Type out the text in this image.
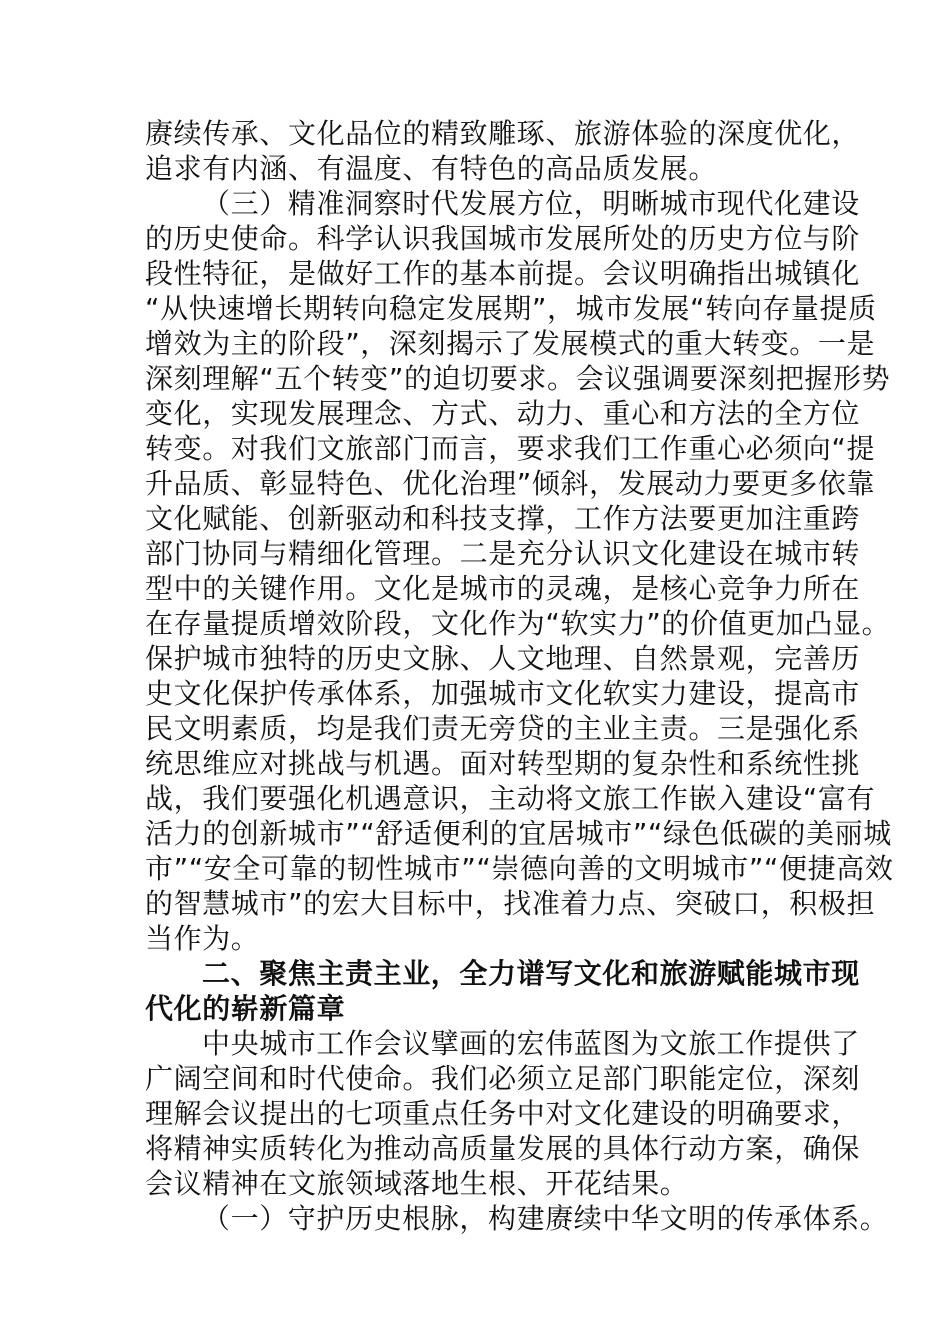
赓续传承、文化品位的精致雕琢、旅游体验的深度优化，
追求有内涵、有温度、有特色的高品质发展。
（三）精准洞察时代发展方位，明晰城市现代化建设
的历史使命。科学认识我国城市发展所处的历史方位与阶
段性特征，是做好工作的基本前提。会议明确指出城镇化
“从快速增长期转向稳定发展期”，城市发展“转向存量提质
增效为主的阶段”，深刻揭示了发展模式的重大转变。一是
深刻理解“五个转变”的迫切要求。会议强调要深刻把握形势
变化，实现发展理念、方式、动力、重心和方法的全方位
转变。对我们文旅部门而言，要求我们工作重心必须向“提
升品质、彰显特色、优化治理”倾斜，发展动力要更多依靠
文化赋能、创新驱动和科技支撑，工作方法要更加注重跨
部门协同与精细化管理。二是充分认识文化建设在城市转
型中的关键作用。文化是城市的灵魂，是核心竞争力所在
在存量提质增效阶段，文化作为“软实力”的价值更加凸显。
保护城市独特的历史文脉、人文地理、自然景观，完善历
史文化保护传承体系，加强城市文化软实力建设，提高市
民文明素质，均是我们责无旁贷的主业主责。三是强化系
统思维应对挑战与机遇。面对转型期的复杂性和系统性挑
战，我们要强化机遇意识，主动将文旅工作嵌入建设“富有
活力的创新城市”“舒适便利的宜居城市”“绿色低碳的美丽城
市”“安全可靠的韧性城市”“崇德向善的文明城市”“便捷高效
的智慧城市”的宏大目标中，找准着力点、突破口，积极担
当作为。
二、聚焦主责主业，全力谱写文化和旅游赋能城市现
代化的崭新篇章
中央城市工作会议擘画的宏伟蓝图为文旅工作提供了
广阔空间和时代使命。我们必须立足部门职能定位，深刻
理解会议提出的七项重点任务中对文化建设的明确要求，
将精神实质转化为推动高质量发展的具体行动方案，确保
会议精神在文旅领域落地生根、开花结果。
（一）守护历史根脉，构建赓续中华文明的传承体系。
